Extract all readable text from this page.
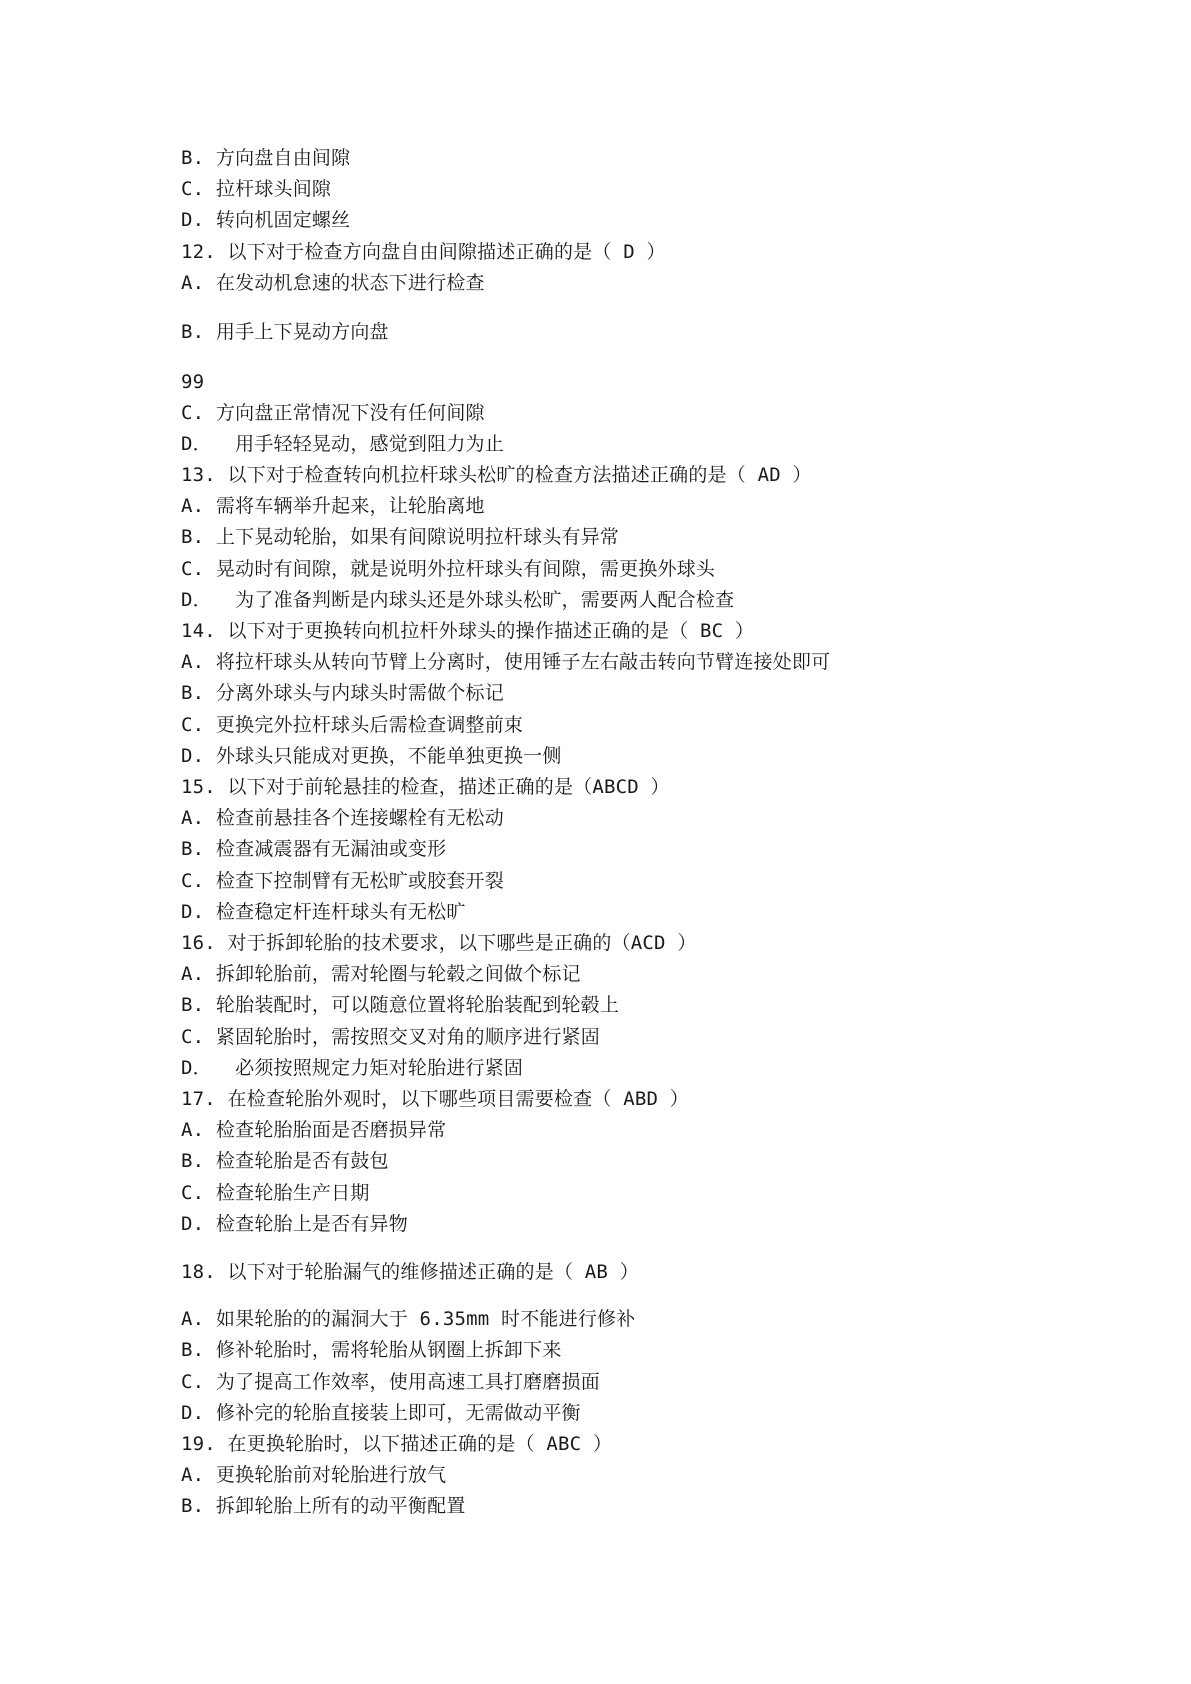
B. 方向盘自由间隙
C. 拉杆球头间隙
D. 转向机固定螺丝
12. 以下对于检查方向盘自由间隙描述正确的是（ D ）
A. 在发动机怠速的状态下进行检查
B. 用手上下晃动方向盘
99
C. 方向盘正常情况下没有任何间隙
D．  用手轻轻晃动，感觉到阻力为止
13. 以下对于检查转向机拉杆球头松旷的检查方法描述正确的是（ AD ）
A. 需将车辆举升起来，让轮胎离地
B. 上下晃动轮胎，如果有间隙说明拉杆球头有异常
C. 晃动时有间隙，就是说明外拉杆球头有间隙，需更换外球头
D．  为了准备判断是内球头还是外球头松旷，需要两人配合检查
14. 以下对于更换转向机拉杆外球头的操作描述正确的是（ BC ）
A. 将拉杆球头从转向节臂上分离时，使用锤子左右敲击转向节臂连接处即可
B. 分离外球头与内球头时需做个标记
C. 更换完外拉杆球头后需检查调整前束
D. 外球头只能成对更换，不能单独更换一侧
15. 以下对于前轮悬挂的检查，描述正确的是（ABCD ）
A. 检查前悬挂各个连接螺栓有无松动
B. 检查减震器有无漏油或变形
C. 检查下控制臂有无松旷或胶套开裂
D. 检查稳定杆连杆球头有无松旷
16. 对于拆卸轮胎的技术要求，以下哪些是正确的（ACD ）
A. 拆卸轮胎前，需对轮圈与轮毂之间做个标记
B. 轮胎装配时，可以随意位置将轮胎装配到轮毂上
C. 紧固轮胎时，需按照交叉对角的顺序进行紧固
D．  必须按照规定力矩对轮胎进行紧固
17. 在检查轮胎外观时，以下哪些项目需要检查（ ABD ）
A. 检查轮胎胎面是否磨损异常
B. 检查轮胎是否有鼓包
C. 检查轮胎生产日期
D. 检查轮胎上是否有异物
18. 以下对于轮胎漏气的维修描述正确的是（ AB ）
A. 如果轮胎的的漏洞大于 6.35mm 时不能进行修补
B. 修补轮胎时，需将轮胎从钢圈上拆卸下来
C. 为了提高工作效率，使用高速工具打磨磨损面
D. 修补完的轮胎直接装上即可，无需做动平衡
19. 在更换轮胎时，以下描述正确的是（ ABC ）
A. 更换轮胎前对轮胎进行放气
B. 拆卸轮胎上所有的动平衡配置
